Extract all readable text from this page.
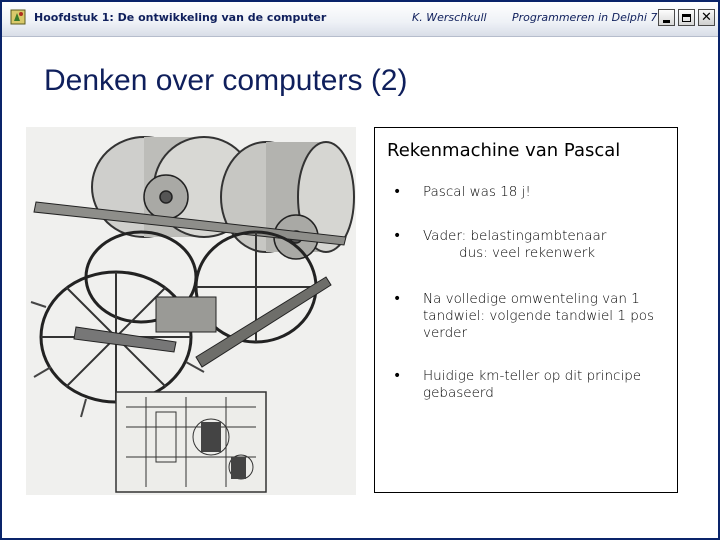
Hoofdstuk 1: De ontwikkeling van de computer	K. Werschkull Programmeren in Delphi 7	✕
Denken over computers (2)
Rekenmachine van Pascal
• Pascal was 18 j!
• Vader: belastingambtenaar
dus: veel rekenwerk
• Na volledige omwenteling van 1 tandwiel: volgende tandwiel 1 pos verder
• Huidige km-teller op dit principe gebaseerd
